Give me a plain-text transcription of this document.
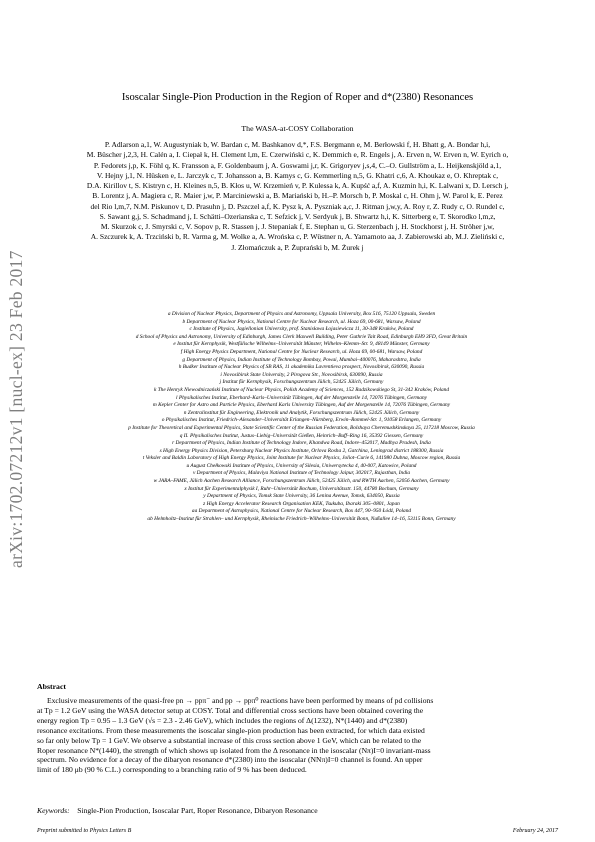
arXiv:1702.07212v1 [nucl-ex] 23 Feb 2017
Isoscalar Single-Pion Production in the Region of Roper and d*(2380) Resonances
The WASA-at-COSY Collaboration
P. Adlarson a,1, W. Augustyniak b, W. Bardan c, M. Bashkanov d,*, F.S. Bergmann e, M. Berłowski f, H. Bhatt g, A. Bondar h,i,
M. Büscher j,2,3, H. Calén a, I. Ciepał k, H. Clement l,m, E. Czerwiński c, K. Demmich e, R. Engels j, A. Erven n, W. Erven n, W. Eyrich o,
P. Fedorets j,p, K. Föhl q, K. Fransson a, F. Goldenbaum j, A. Goswami j,r, K. Grigoryev j,s,4, C.–O. Gullström a, L. Heijkenskjöld a,1,
V. Hejny j,1, N. Hüsken e, L. Jarczyk c, T. Johansson a, B. Kamys c, G. Kemmerling n,5, G. Khatri c,6, A. Khoukaz e, O. Khreptak c,
D.A. Kirillov t, S. Kistryn c, H. Kleines n,5, B. Kłos u, W. Krzemień v, P. Kulessa k, A. Kupść a,f, A. Kuzmin h,i, K. Lalwani x, D. Lersch j,
B. Lorentz j, A. Magiera c, R. Maier j,w, P. Marciniewski a, B. Mariański b, H.–P. Morsch b, P. Moskal c, H. Ohm j, W. Parol k, E. Perez
del Rio l,m,7, N.M. Piskunov t, D. Prasuhn j, D. Pszczel a,f, K. Pysz k, A. Pyszniak a,c, J. Ritman j,w,y, A. Roy r, Z. Rudy c, O. Rundel c,
S. Sawant g,j, S. Schadmand j, I. Schätti–Ozerianska c, T. Sefzick j, V. Serdyuk j, B. Shwartz h,i, K. Sitterberg e, T. Skorodko l,m,z,
M. Skurzok c, J. Smyrski c, V. Sopov p, R. Stassen j, J. Stepaniak f, E. Stephan u, G. Sterzenbach j, H. Stockhorst j, H. Ströher j,w,
A. Szczurek k, A. Trzciński b, R. Varma g, M. Wolke a, A. Wrońska c, P. Wüstner n, A. Yamamoto aa, J. Zabierowski ab, M.J. Zieliński c,
J. Złomańczuk a, P. Żuprański b, M. Żurek j
a Division of Nuclear Physics, Department of Physics and Astronomy, Uppsala University, Box 516, 75120 Uppsala, Sweden
b Department of Nuclear Physics, National Centre for Nuclear Research, ul. Hoza 69, 00-681, Warsaw, Poland
c Institute of Physics, Jagiellonian University, prof. Stanisława Łojasiewicza 11, 30-348 Kraków, Poland
d School of Physics and Astronomy, University of Edinburgh, James Clerk Maxwell Building, Peter Guthrie Tait Road, Edinburgh EH9 3FD, Great Britain
e Institut für Kernphysik, Westfälische Wilhelms–Universität Münster, Wilhelm–Klemm–Str. 9, 48149 Münster, Germany
f High Energy Physics Department, National Centre for Nuclear Research, ul. Hoza 69, 00-681, Warsaw, Poland
g Department of Physics, Indian Institute of Technology Bombay, Powai, Mumbai–400076, Maharashtra, India
h Budker Institute of Nuclear Physics of SB RAS, 11 akademika Lavrentieva prospect, Novosibirsk, 630090, Russia
i Novosibirsk State University, 2 Pirogova Str., Novosibirsk, 630090, Russia
j Institut für Kernphysik, Forschungszentrum Jülich, 52425 Jülich, Germany
k The Henryk Niewodniczański Institute of Nuclear Physics, Polish Academy of Sciences, 152 Radzikowskiego St, 31-342 Kraków, Poland
l Physikalisches Institut, Eberhard–Karls–Universität Tübingen, Auf der Morgenstelle 14, 72076 Tübingen, Germany
m Kepler Center for Astro and Particle Physics, Eberhard Karls University Tübingen, Auf der Morgenstelle 14, 72076 Tübingen, Germany
n Zentralinstitut für Engineering, Elektronik und Analytik, Forschungszentrum Jülich, 52425 Jülich, Germany
o Physikalisches Institut, Friedrich–Alexander–Universität Erlangen–Nürnberg, Erwin–Rommel-Str. 1, 91058 Erlangen, Germany
p Institute for Theoretical and Experimental Physics, State Scientific Center of the Russian Federation, Bolshaya Cheremushkinskaya 25, 117218 Moscow, Russia
q II. Physikalisches Institut, Justus–Liebig–Universität Gießen, Heinrich–Buff–Ring 16, 35392 Giessen, Germany
r Department of Physics, Indian Institute of Technology Indore, Khandwa Road, Indore–452017, Madhya Pradesh, India
s High Energy Physics Division, Petersburg Nuclear Physics Institute, Orlova Rosha 2, Gatchina, Leningrad district 188300, Russia
t Veksler and Baldin Laboratory of High Energy Physics, Joint Institute for Nuclear Physics, Joliot–Curie 6, 141980 Dubna, Moscow region, Russia
u August Chełkowski Institute of Physics, University of Silesia, Uniwersytecka 4, 40-007, Katowice, Poland
v Department of Physics, Malaviya National Institute of Technology Jaipur, 302017, Rajasthan, India
w JARA–FAME, Jülich Aachen Research Alliance, Forschungszentrum Jülich, 52425 Jülich, and RWTH Aachen, 52056 Aachen, Germany
x Institut für Experimentalphysik I, Ruhr–Universität Bochum, Universitätsstr. 150, 44780 Bochum, Germany
y Department of Physics, Tomsk State University, 36 Lenina Avenue, Tomsk, 634050, Russia
z High Energy Accelerator Research Organisation KEK, Tsukuba, Ibaraki 305–0801, Japan
aa Department of Astrophysics, National Centre for Nuclear Research, Box 447, 90–950 Łódź, Poland
ab Helmholtz–Institut für Strahlen– und Kernphysik, Rheinische Friedrich–Wilhelms–Universität Bonn, Nußallee 14–16, 53115 Bonn, Germany
Abstract
Exclusive measurements of the quasi-free pn → ppπ⁻ and pp → ppπ⁰ reactions have been performed by means of pd collisions
at Tp = 1.2 GeV using the WASA detector setup at COSY. Total and differential cross sections have been obtained covering the
energy region Tp = 0.95 – 1.3 GeV (√s = 2.3 - 2.46 GeV), which includes the regions of Δ(1232), N*(1440) and d*(2380)
resonance excitations. From these measurements the isoscalar single-pion production has been extracted, for which data existed
so far only below Tp = 1 GeV. We observe a substantial increase of this cross section above 1 GeV, which can be related to the
Roper resonance N*(1440), the strength of which shows up isolated from the Δ resonance in the isoscalar (Nπ)I=0 invariant-mass
spectrum. No evidence for a decay of the dibaryon resonance d*(2380) into the isoscalar (NNπ)I=0 channel is found. An upper
limit of 180 μb (90 % C.L.) corresponding to a branching ratio of 9 % has been deduced.
Keywords: Single-Pion Production, Isoscalar Part, Roper Resonance, Dibaryon Resonance
Preprint submitted to Physics Letters B	February 24, 2017
